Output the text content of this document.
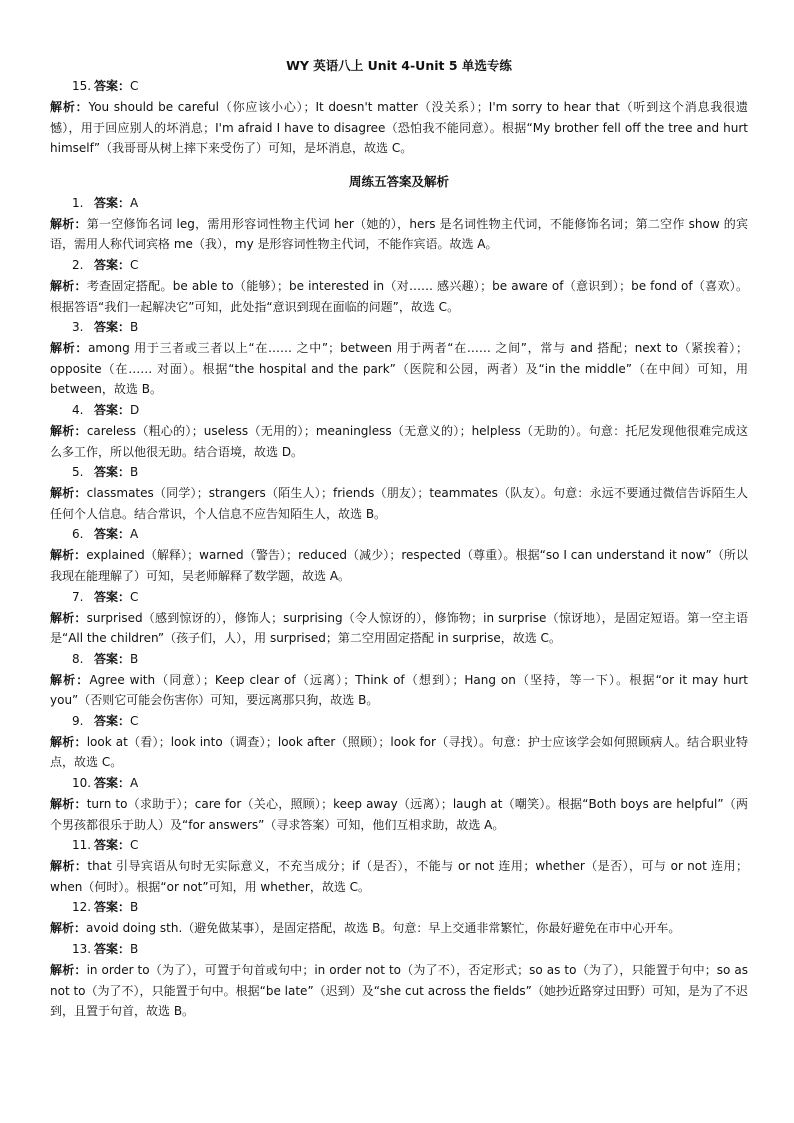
WY 英语八上 Unit 4-Unit 5 单选专练
15. 答案：C

解析：You should be careful（你应该小心）；It doesn't matter（没关系）；I'm sorry to hear that（听到这个消息我很遗憾），用于回应别人的坏消息；I'm afraid I have to disagree（恐怕我不能同意）。根据“My brother fell off the tree and hurt himself”（我哥哥从树上摔下来受伤了）可知，是坏消息，故选 C。

周练五答案及解析
1. 答案：A

解析：第一空修饰名词 leg，需用形容词性物主代词 her（她的），hers 是名词性物主代词，不能修饰名词；第二空作 show 的宾语，需用人称代词宾格 me（我），my 是形容词性物主代词，不能作宾语。故选 A。

2. 答案：C

解析：考查固定搭配。be able to（能够）；be interested in（对…… 感兴趣）；be aware of（意识到）；be fond of（喜欢）。根据答语“我们一起解决它”可知，此处指“意识到现在面临的问题”，故选 C。

3. 答案：B

解析：among 用于三者或三者以上“在…… 之中”；between 用于两者“在…… 之间”，常与 and 搭配；next to（紧挨着）；opposite（在…… 对面）。根据“the hospital and the park”（医院和公园，两者）及“in the middle”（在中间）可知，用 between，故选 B。

4. 答案：D

解析：careless（粗心的）；useless（无用的）；meaningless（无意义的）；helpless（无助的）。句意：托尼发现他很难完成这么多工作，所以他很无助。结合语境，故选 D。

5. 答案：B

解析：classmates（同学）；strangers（陌生人）；friends（朋友）；teammates（队友）。句意：永远不要通过微信告诉陌生人任何个人信息。结合常识，个人信息不应告知陌生人，故选 B。

6. 答案：A

解析：explained（解释）；warned（警告）；reduced（减少）；respected（尊重）。根据“so I can understand it now”（所以我现在能理解了）可知，吴老师解释了数学题，故选 A。

7. 答案：C

解析：surprised（感到惊讶的），修饰人；surprising（令人惊讶的），修饰物；in surprise（惊讶地），是固定短语。第一空主语是“All the children”（孩子们，人），用 surprised；第二空用固定搭配 in surprise，故选 C。

8. 答案：B

解析：Agree with（同意）；Keep clear of（远离）；Think of（想到）；Hang on（坚持，等一下）。根据“or it may hurt you”（否则它可能会伤害你）可知，要远离那只狗，故选 B。

9. 答案：C

解析：look at（看）；look into（调查）；look after（照顾）；look for（寻找）。句意：护士应该学会如何照顾病人。结合职业特点，故选 C。

10. 答案：A

解析：turn to（求助于）；care for（关心，照顾）；keep away（远离）；laugh at（嘲笑）。根据“Both boys are helpful”（两个男孩都很乐于助人）及“for answers”（寻求答案）可知，他们互相求助，故选 A。

11. 答案：C

解析：that 引导宾语从句时无实际意义，不充当成分；if（是否），不能与 or not 连用；whether（是否），可与 or not 连用；when（何时）。根据“or not”可知，用 whether，故选 C。

12. 答案：B

解析：avoid doing sth.（避免做某事），是固定搭配，故选 B。句意：早上交通非常繁忙，你最好避免在市中心开车。

13. 答案：B

解析：in order to（为了），可置于句首或句中；in order not to（为了不），否定形式；so as to（为了），只能置于句中；so as not to（为了不），只能置于句中。根据“be late”（迟到）及“she cut across the fields”（她抄近路穿过田野）可知，是为了不迟到，且置于句首，故选 B。
